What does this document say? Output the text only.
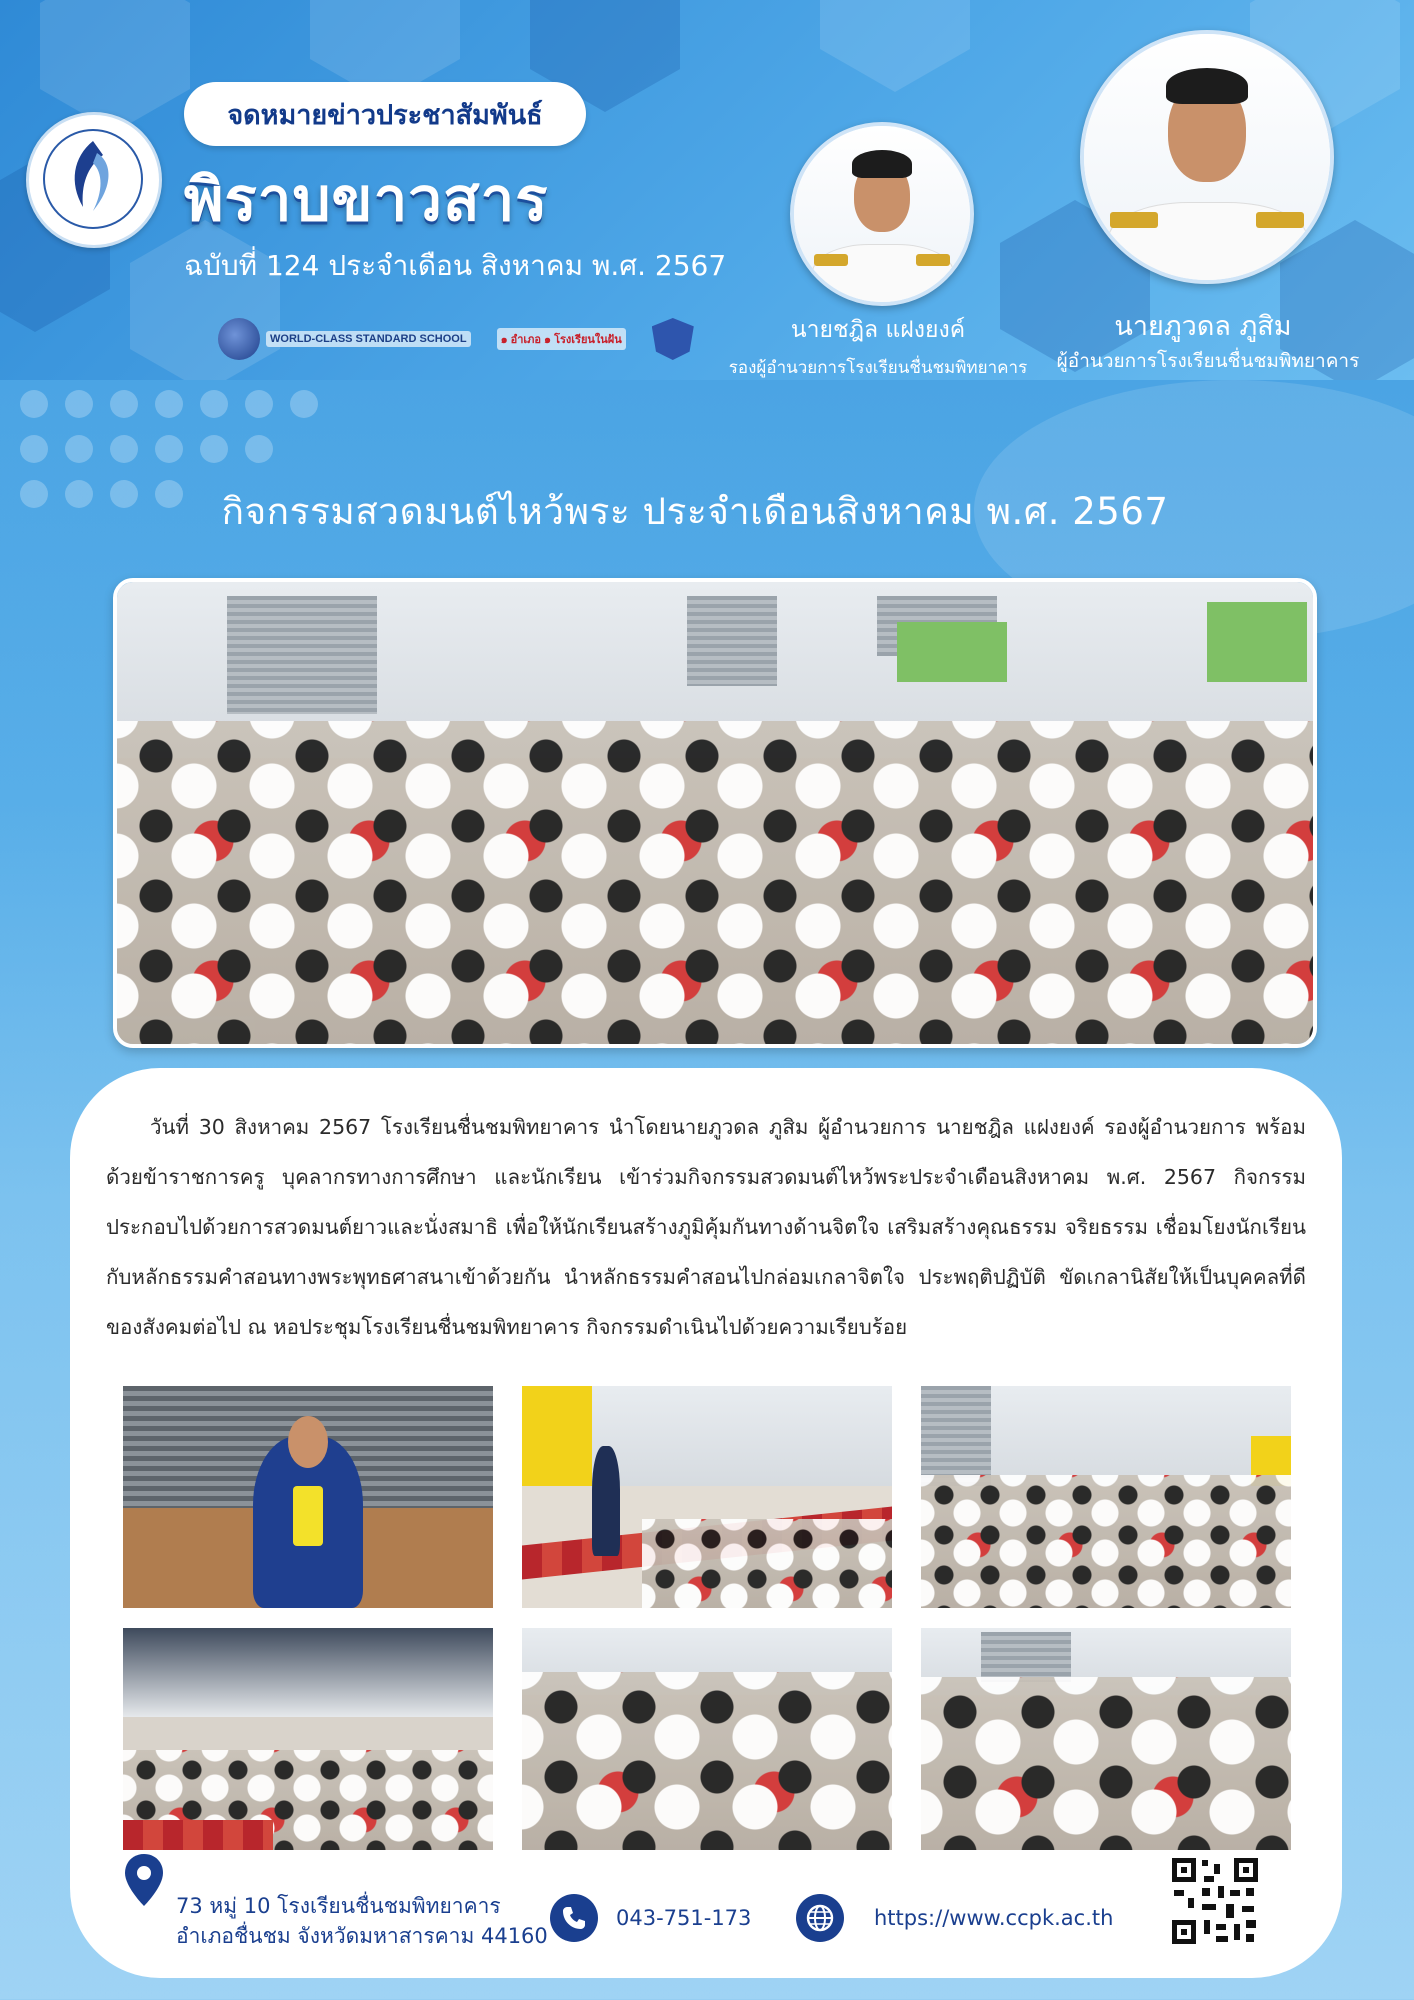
จดหมายข่าวประชาสัมพันธ์
พิราบขาวสาร
ฉบับที่ 124 ประจำเดือน สิงหาคม พ.ศ. 2567
WORLD-CLASS STANDARD SCHOOL	๑ อำเภอ ๑ โรงเรียนในฝัน	นายชฎิล แฝงยงค์
รองผู้อำนวยการโรงเรียนชื่นชมพิทยาคาร
นายภูวดล ภูสิม
ผู้อำนวยการโรงเรียนชื่นชมพิทยาคาร
กิจกรรมสวดมนต์ไหว้พระ ประจำเดือนสิงหาคม พ.ศ. 2567
วันที่ 30 สิงหาคม 2567 โรงเรียนชื่นชมพิทยาคาร นำโดยนายภูวดล ภูสิม ผู้อำนวยการ นายชฎิล แฝงยงค์ รองผู้อำนวยการ พร้อมด้วยข้าราชการครู บุคลากรทางการศึกษา และนักเรียน เข้าร่วมกิจกรรมสวดมนต์ไหว้พระประจำเดือนสิงหาคม พ.ศ. 2567 กิจกรรมประกอบไปด้วยการสวดมนต์ยาวและนั่งสมาธิ เพื่อให้นักเรียนสร้างภูมิคุ้มกันทางด้านจิตใจ เสริมสร้างคุณธรรม จริยธรรม เชื่อมโยงนักเรียนกับหลักธรรมคำสอนทางพระพุทธศาสนาเข้าด้วยกัน นำหลักธรรมคำสอนไปกล่อมเกลาจิตใจ ประพฤติปฏิบัติ ขัดเกลานิสัยให้เป็นบุคคลที่ดีของสังคมต่อไป ณ หอประชุมโรงเรียนชื่นชมพิทยาคาร กิจกรรมดำเนินไปด้วยความเรียบร้อย
73 หมู่ 10 โรงเรียนชื่นชมพิทยาคาร
อำเภอชื่นชม จังหวัดมหาสารคาม 44160
043-751-173	https://www.ccpk.ac.th
